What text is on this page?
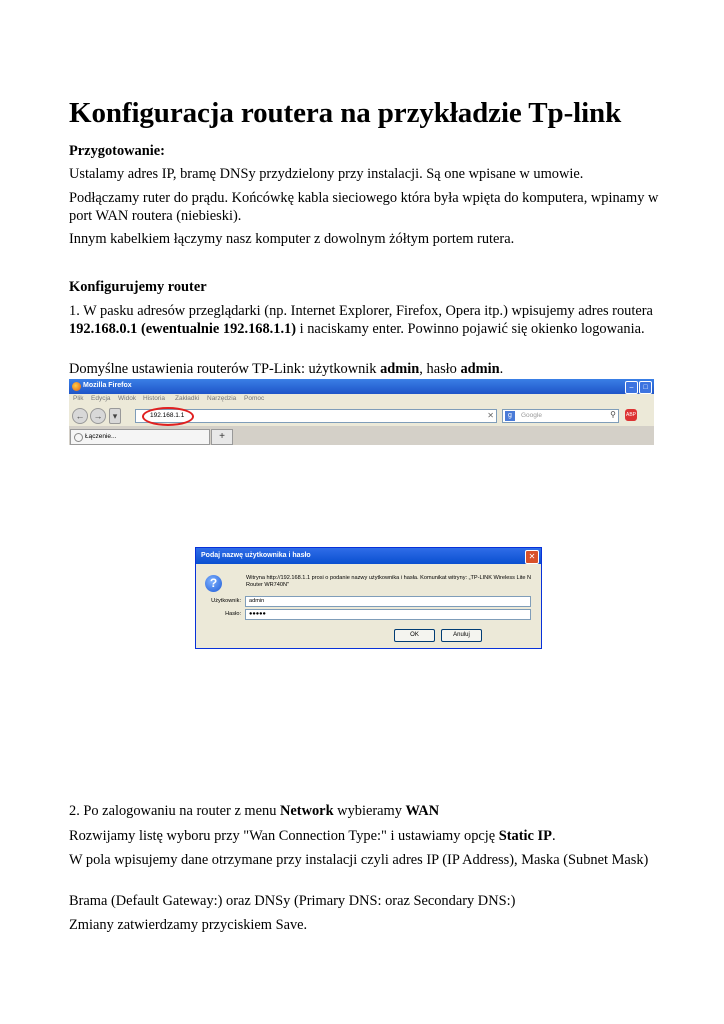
Konfiguracja routera na przykładzie Tp-link
Przygotowanie:
Ustalamy adres IP, bramę DNSy przydzielony przy instalacji. Są one wpisane w umowie.
Podłączamy ruter do prądu. Końcówkę kabla sieciowego która była wpięta do komputera, wpinamy w port WAN routera (niebieski).
Innym kabelkiem łączymy nasz komputer z dowolnym żółtym portem rutera.
Konfigurujemy router
1. W pasku adresów przeglądarki (np. Internet Explorer, Firefox, Opera itp.) wpisujemy adres routera 192.168.0.1 (ewentualnie 192.168.1.1) i naciskamy enter. Powinno pojawić się okienko logowania.
Domyślne ustawienia routerów TP-Link: użytkownik admin, hasło admin.
Mozilla Firefox	–	□
Plik Edycja Widok Historia Zakładki Narzędzia Pomoc
←	→	▾	192.168.1.1	✕	g	Google	⚲ ABP
Łączenie...	+
Podaj nazwę użytkownika i hasło	✕
?	Witryna http://192.168.1.1 prosi o podanie nazwy użytkownika i hasła. Komunikat witryny: „TP-LINK Wireless Lite N Router WR740N"
Użytkownik: admin
Hasło: ●●●●●
OK	Anuluj
2. Po zalogowaniu na router z menu Network wybieramy WAN
Rozwijamy listę wyboru przy "Wan Connection Type:" i ustawiamy opcję Static IP.
W pola wpisujemy dane otrzymane przy instalacji czyli adres IP (IP Address), Maska (Subnet Mask)
Brama (Default Gateway:) oraz DNSy (Primary DNS: oraz Secondary DNS:)
Zmiany zatwierdzamy przyciskiem Save.
